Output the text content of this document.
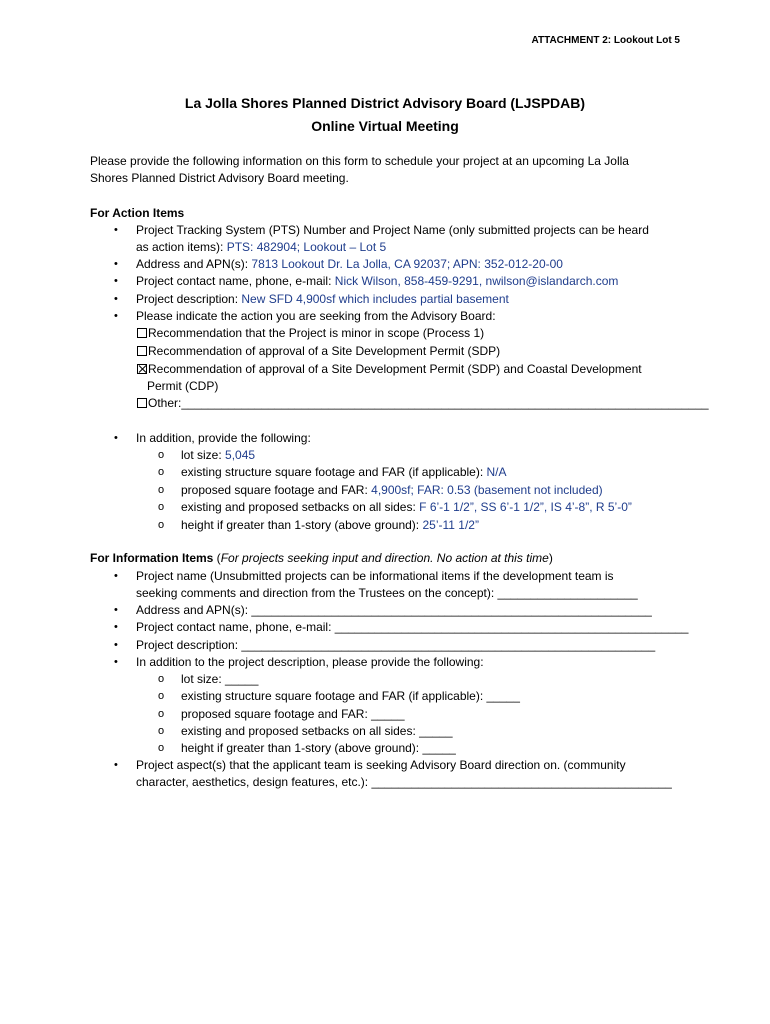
ATTACHMENT 2: Lookout Lot 5
La Jolla Shores Planned District Advisory Board (LJSPDAB)
Online Virtual Meeting
Please provide the following information on this form to schedule your project at an upcoming La Jolla
Shores Planned District Advisory Board meeting.
For Action Items
• Project Tracking System (PTS) Number and Project Name (only submitted projects can be heard
as action items): PTS: 482904; Lookout – Lot 5
• Address and APN(s): 7813 Lookout Dr. La Jolla, CA 92037; APN: 352-012-20-00
• Project contact name, phone, e-mail: Nick Wilson, 858-459-9291, nwilson@islandarch.com
• Project description: New SFD 4,900sf which includes partial basement
• Please indicate the action you are seeking from the Advisory Board:
Recommendation that the Project is minor in scope (Process 1)
Recommendation of approval of a Site Development Permit (SDP)
Recommendation of approval of a Site Development Permit (SDP) and Coastal Development
Permit (CDP)
Other:_______________________________________________________________________________
• In addition, provide the following:
o lot size: 5,045
o existing structure square footage and FAR (if applicable): N/A
o proposed square footage and FAR: 4,900sf; FAR: 0.53 (basement not included)
o existing and proposed setbacks on all sides: F 6’-1 1/2”, SS 6’-1 1/2”, IS 4’-8”, R 5’-0”
o height if greater than 1-story (above ground): 25’-11 1/2”
For Information Items (For projects seeking input and direction. No action at this time)
• Project name (Unsubmitted projects can be informational items if the development team is
seeking comments and direction from the Trustees on the concept): _____________________
• Address and APN(s): ____________________________________________________________
• Project contact name, phone, e-mail: _____________________________________________________
• Project description: ______________________________________________________________
• In addition to the project description, please provide the following:
o lot size: _____
o existing structure square footage and FAR (if applicable): _____
o proposed square footage and FAR: _____
o existing and proposed setbacks on all sides: _____
o height if greater than 1-story (above ground): _____
• Project aspect(s) that the applicant team is seeking Advisory Board direction on. (community
character, aesthetics, design features, etc.): _____________________________________________
